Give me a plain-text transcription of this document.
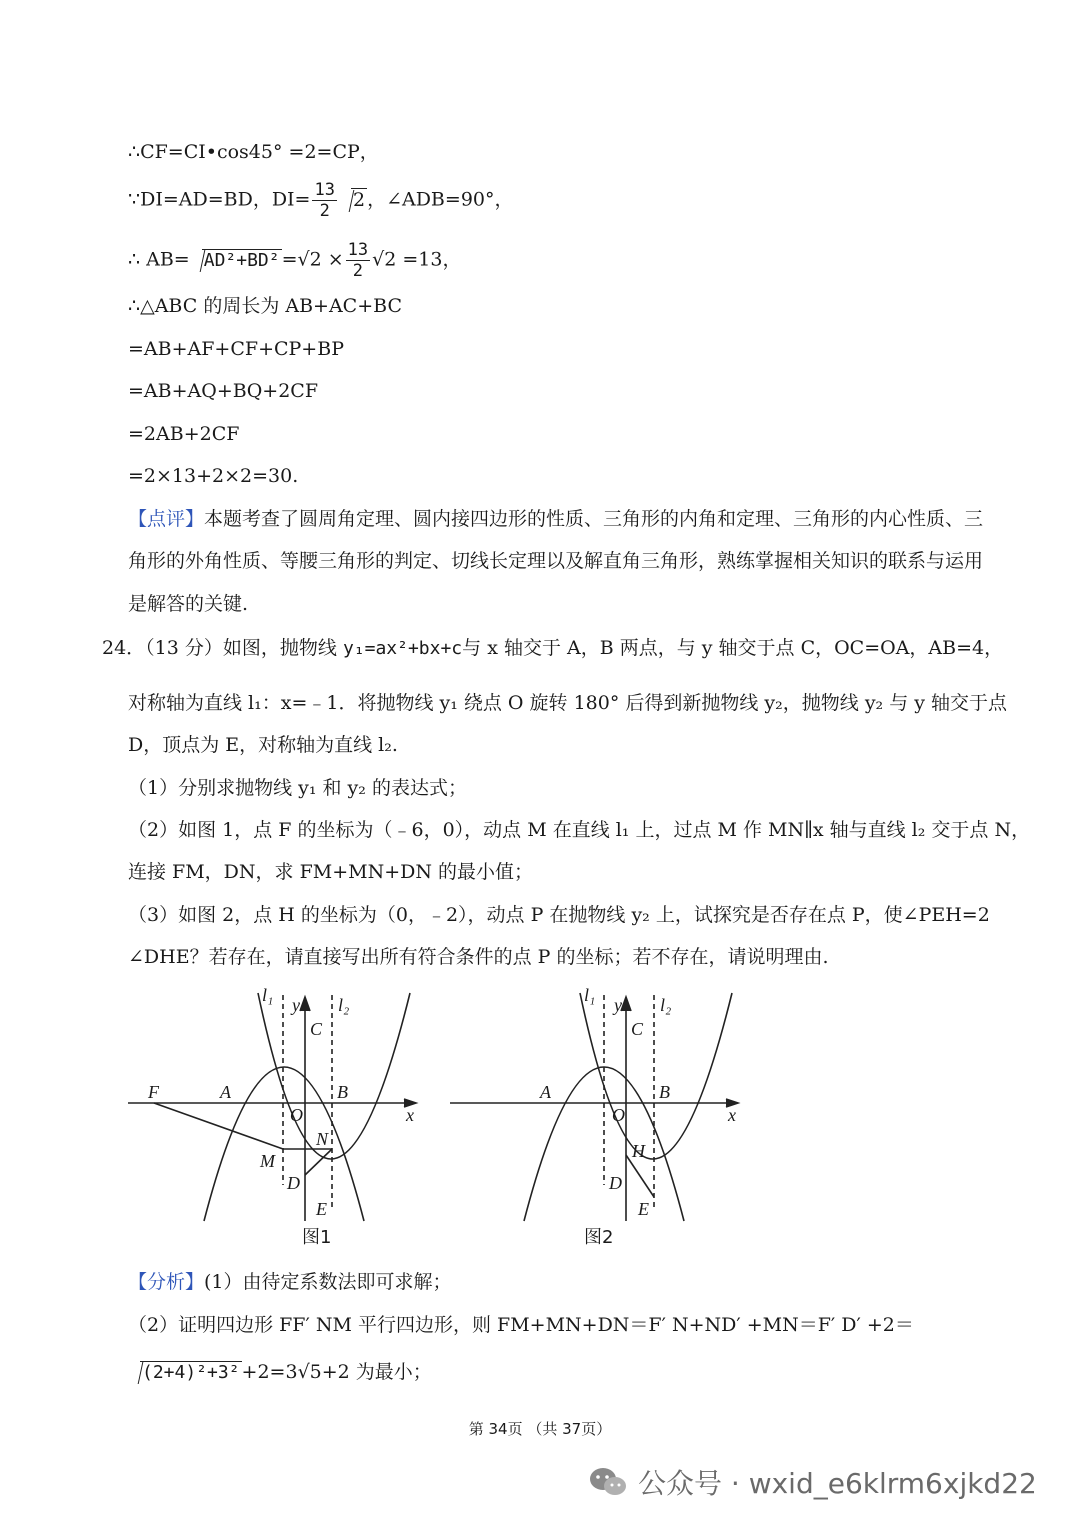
∴CF=CI•cos45° =2=CP，
∵DI=AD=BD，$DI= \frac{13}{2} 2$ ，∠ADB=90°，
∴ $AB= AD^2+BD^2 =√2 \times \frac{13}{2} √2 =13$，
∴△ABC 的周长为 AB+AC+BC
=AB+AF+CF+CP+BP
=AB+AQ+BQ+2CF
=2AB+2CF
=2×13+2×2=30.
【点评】本题考查了圆周角定理、圆内接四边形的性质、三角形的内角和定理、三角形的内心性质、三
角形的外角性质、等腰三角形的判定、切线长定理以及解直角三角形，熟练掌握相关知识的联系与运用
是解答的关键.
24．（13 分）如图，抛物线 y₁=ax²+bx+c与 x 轴交于 A，B 两点，与 y 轴交于点 C，OC=OA，AB=4，
对称轴为直线 l₁：x=﹣1．将抛物线 y₁ 绕点 O 旋转 180° 后得到新抛物线 y₂，抛物线 y₂ 与 y 轴交于点
D，顶点为 E，对称轴为直线 l₂.
（1）分别求抛物线 y₁ 和 y₂ 的表达式；
（2）如图 1，点 F 的坐标为（﹣6，0），动点 M 在直线 l₁ 上，过点 M 作 MN∥x 轴与直线 l₂ 交于点 N，
连接 FM，DN，求 FM+MN+DN 的最小值；
（3）如图 2，点 H 的坐标为（0，﹣2），动点 P 在抛物线 y₂ 上，试探究是否存在点 P，使∠PEH=2
∠DHE？若存在，请直接写出所有符合条件的点 P 的坐标；若不存在，请说明理由.
l₁ y l₂
C
F	A	B
O	x
N
M
D
E
图1
l₁ y l₂
C
A	B
O	x
H
D
E
图2
【分析】(1）由待定系数法即可求解；
（2）证明四边形 FF′ NM 平行四边形，则 FM+MN+DN＝F′ N+ND′ +MN＝F′ D′ +2＝
(2+4)²+3² +2=3√5+2 为最小；
第 34页 （共 37页）
公众号 · wxid_e6klrm6xjkd22
